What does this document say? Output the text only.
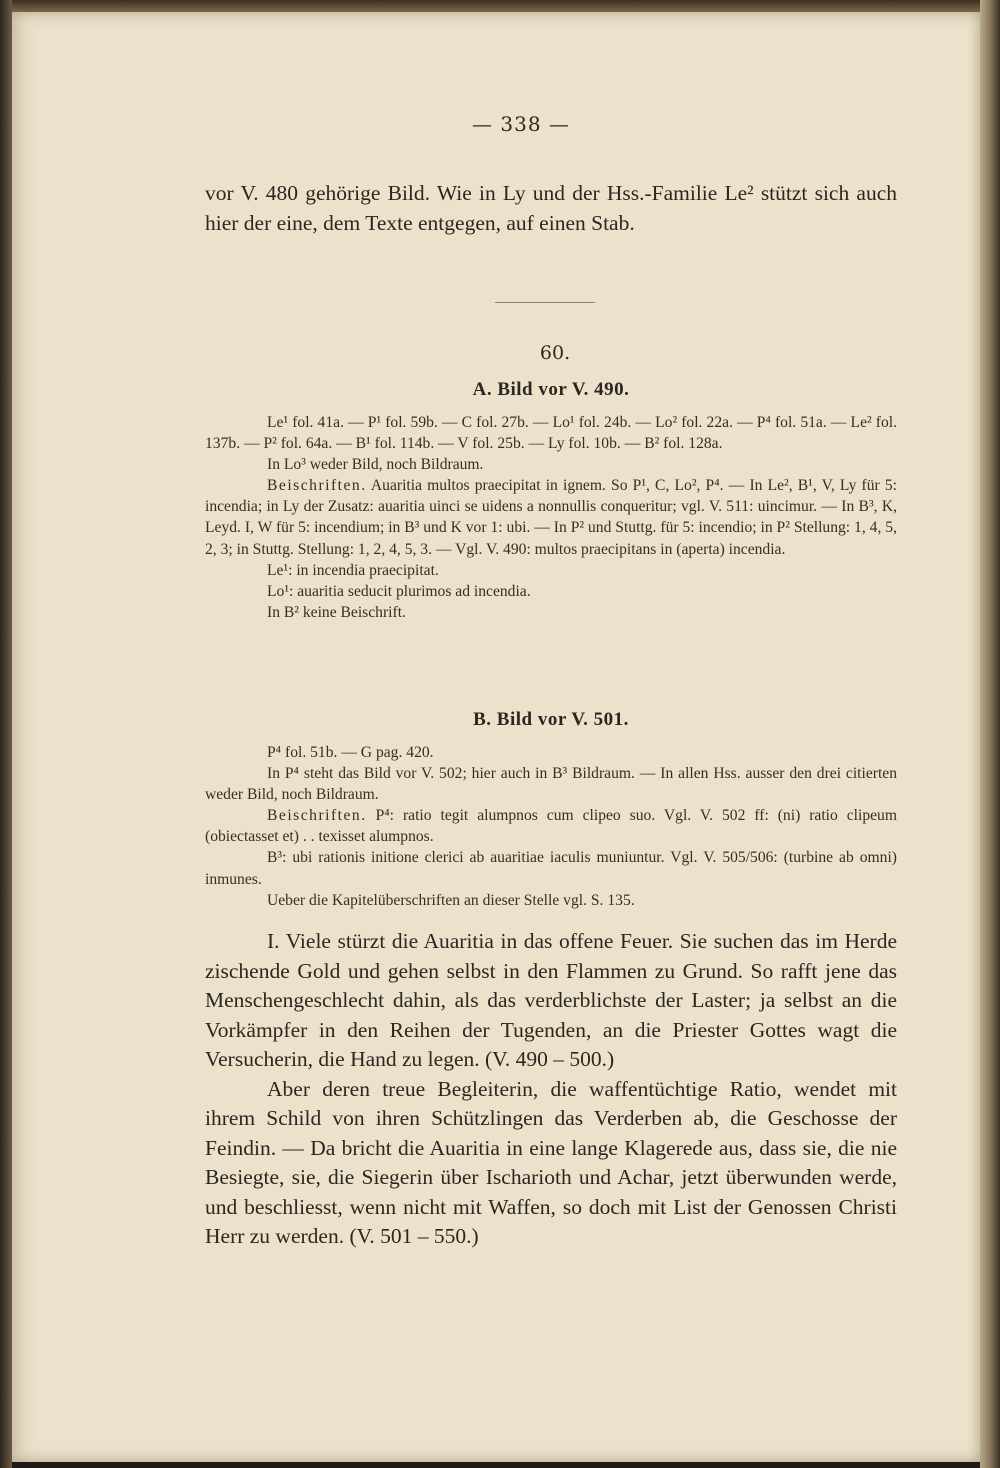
— 338 —

vor V. 480 gehörige Bild. Wie in Ly und der Hss.-Familie Le² stützt sich auch hier der eine, dem Texte entgegen, auf einen Stab.

60.
A. Bild vor V. 490.

Le¹ fol. 41a. — P¹ fol. 59b. — C fol. 27b. — Lo¹ fol. 24b. — Lo² fol. 22a. — P⁴ fol. 51a. — Le² fol. 137b. — P² fol. 64a. — B¹ fol. 114b. — V fol. 25b. — Ly fol. 10b. — B² fol. 128a.

In Lo³ weder Bild, noch Bildraum.

Beischriften. Auaritia multos praecipitat in ignem. So P¹, C, Lo², P⁴. — In Le², B¹, V, Ly für 5: incendia; in Ly der Zusatz: auaritia uinci se uidens a nonnullis conqueritur; vgl. V. 511: uincimur. — In B³, K, Leyd. I, W für 5: incendium; in B³ und K vor 1: ubi. — In P² und Stuttg. für 5: incendio; in P² Stellung: 1, 4, 5, 2, 3; in Stuttg. Stellung: 1, 2, 4, 5, 3. — Vgl. V. 490: multos praecipitans in (aperta) incendia.

Le¹: in incendia praecipitat.

Lo¹: auaritia seducit plurimos ad incendia.

In B² keine Beischrift.

B. Bild vor V. 501.

P⁴ fol. 51b. — G pag. 420.

In P⁴ steht das Bild vor V. 502; hier auch in B³ Bildraum. — In allen Hss. ausser den drei citierten weder Bild, noch Bildraum.

Beischriften. P⁴: ratio tegit alumpnos cum clipeo suo. Vgl. V. 502 ff: (ni) ratio clipeum (obiectasset et) . . texisset alumpnos.

B³: ubi rationis initione clerici ab auaritiae iaculis muniuntur. Vgl. V. 505/506: (turbine ab omni) inmunes.

Ueber die Kapitelüberschriften an dieser Stelle vgl. S. 135.

I. Viele stürzt die Auaritia in das offene Feuer. Sie suchen das im Herde zischende Gold und gehen selbst in den Flammen zu Grund. So rafft jene das Menschengeschlecht dahin, als das verderblichste der Laster; ja selbst an die Vorkämpfer in den Reihen der Tugenden, an die Priester Gottes wagt die Versucherin, die Hand zu legen. (V. 490 – 500.)

Aber deren treue Begleiterin, die waffentüchtige Ratio, wendet mit ihrem Schild von ihren Schützlingen das Verderben ab, die Geschosse der Feindin. — Da bricht die Auaritia in eine lange Klagerede aus, dass sie, die nie Besiegte, sie, die Siegerin über Ischarioth und Achar, jetzt überwunden werde, und beschliesst, wenn nicht mit Waffen, so doch mit List der Genossen Christi Herr zu werden. (V. 501 – 550.)
